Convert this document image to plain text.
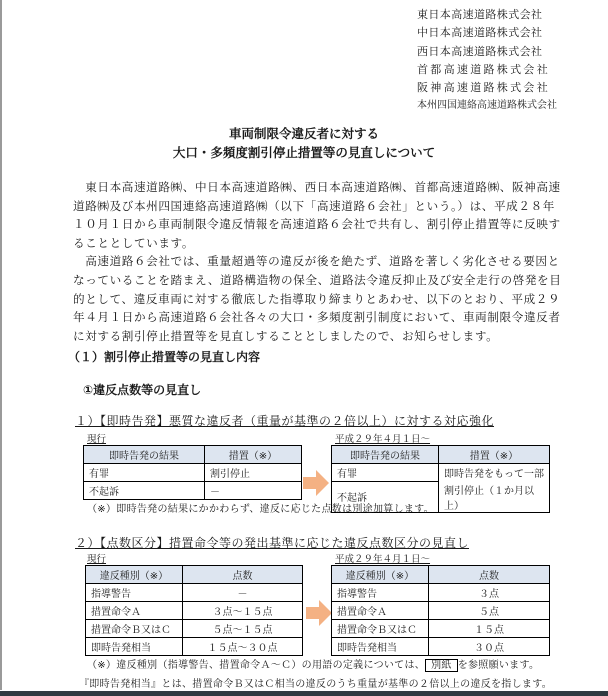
東日本高速道路株式会社
中日本高速道路株式会社
西日本高速道路株式会社
首都高速道路株式会社
阪神高速道路株式会社
本州四国連絡高速道路株式会社
車両制限令違反者に対する
大口・多頻度割引停止措置等の見直しについて
　東日本高速道路㈱、中日本高速道路㈱、西日本高速道路㈱、首都高速道路㈱、阪神高速
道路㈱及び本州四国連絡高速道路㈱（以下「高速道路６会社」という。）は、平成２８年
１０月１日から車両制限令違反情報を高速道路６会社で共有し、割引停止措置等に反映す
ることとしています。
　高速道路６会社では、重量超過等の違反が後を絶たず、道路を著しく劣化させる要因と
なっていることを踏まえ、道路構造物の保全、道路法令違反抑止及び安全走行の啓発を目
的として、違反車両に対する徹底した指導取り締まりとあわせ、以下のとおり、平成２９
年４月１日から高速道路６会社各々の大口・多頻度割引制度において、車両制限令違反者
に対する割引停止措置等を見直しすることとしましたので、お知らせします。
（１）割引停止措置等の見直し内容
①違反点数等の見直し
１）【即時告発】悪質な違反者（重量が基準の２倍以上）に対する対応強化
現行	平成２９年４月１日～
即時告発の結果	措置（※）
有罪	割引停止
不起訴	－
即時告発の結果	措置（※）
有罪	即時告発をもって一部
不起訴	割引停止（１か月以上）
（※）即時告発の結果にかかわらず、違反に応じた点数は別途加算します。
２）【点数区分】措置命令等の発出基準に応じた違反点数区分の見直し
現行	平成２９年４月１日～
違反種別（※）	点数
指導警告	－
措置命令Ａ	３点～１５点
措置命令Ｂ又はＣ	５点～１５点
即時告発相当	１５点～３０点
違反種別（※）	点数
指導警告	３点
措置命令Ａ	５点
措置命令Ｂ又はＣ	１５点
即時告発相当	３０点
（※）違反種別（指導警告、措置命令Ａ～Ｃ）の用語の定義については、 別紙 を参照願います。
『即時告発相当』とは、措置命令Ｂ又はＣ相当の違反のうち重量が基準の２倍以上の違反を指します。
